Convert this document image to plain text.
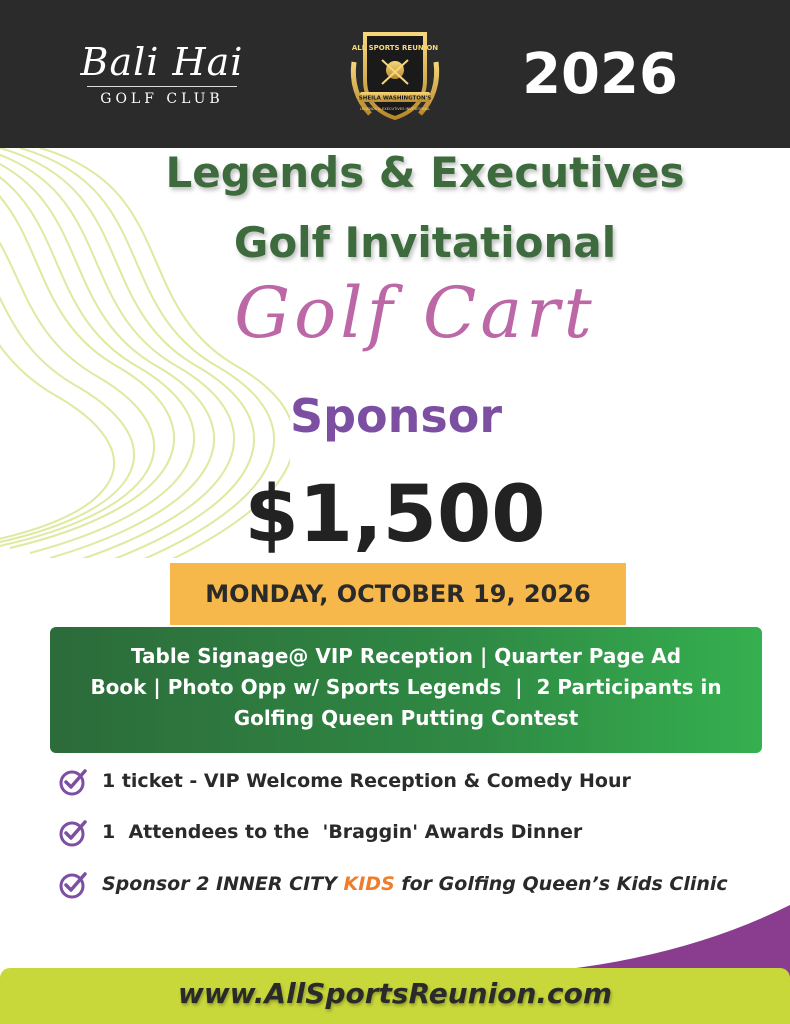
Bali Hai
GOLF CLUB
ALL SPORTS REUNION
SHEILA WASHINGTON'S
LEGENDS & EXECUTIVES INVITATIONAL
2026
Legends & Executives
Golf Invitational
Golf Cart
Sponsor
$1,500
MONDAY, OCTOBER 19, 2026
Table Signage@ VIP Reception | Quarter Page Ad
Book | Photo Opp w/ Sports Legends  |  2 Participants in
Golfing Queen Putting Contest
1 ticket - VIP Welcome Reception & Comedy Hour
1  Attendees to the  'Braggin' Awards Dinner
Sponsor 2 INNER CITY KIDS for Golfing Queen’s Kids Clinic
www.AllSportsReunion.com
